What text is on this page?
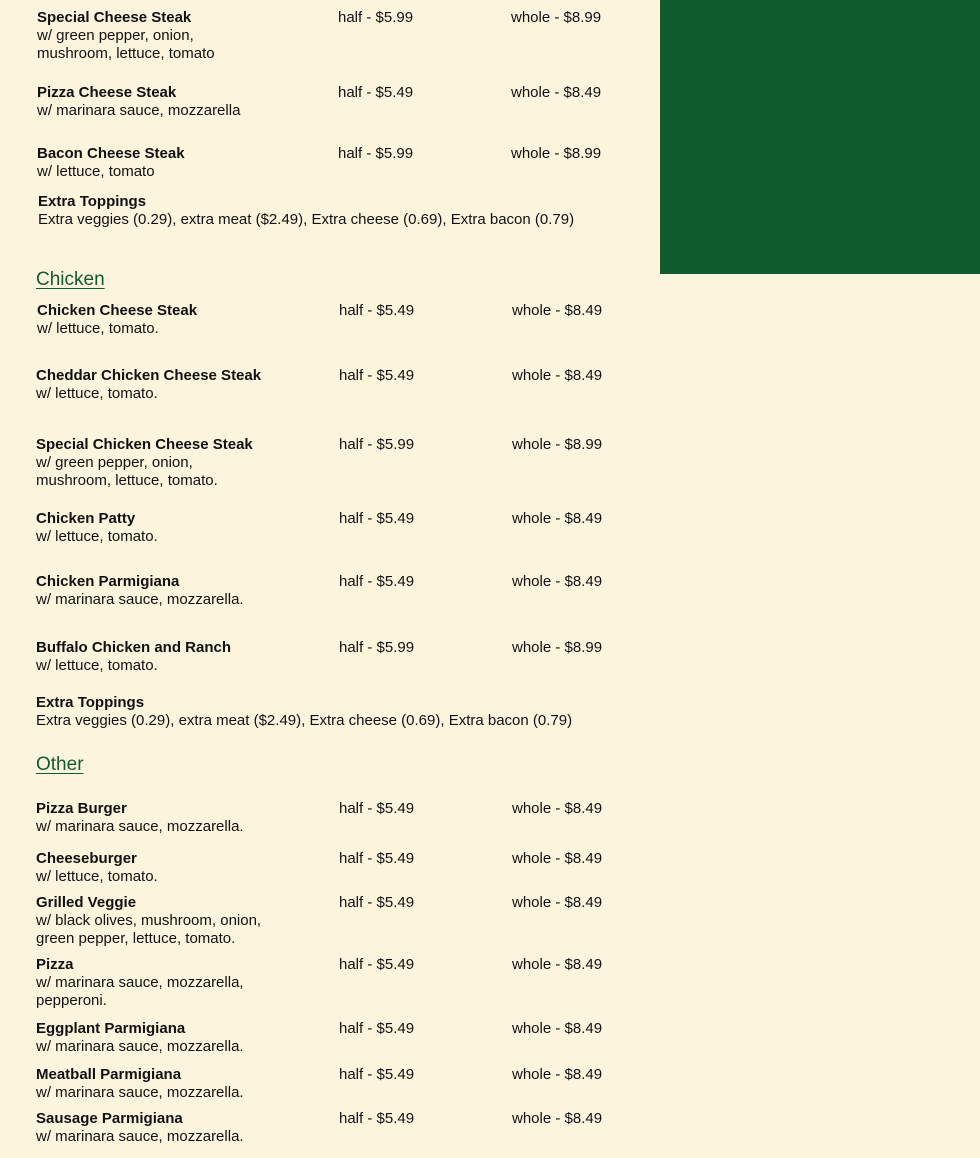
Special Cheese Steak
w/ green pepper, onion,
mushroom, lettuce, tomato
half - $5.99	whole - $8.99
Pizza Cheese Steak
w/ marinara sauce, mozzarella
half - $5.49	whole - $8.49
Bacon Cheese Steak
w/ lettuce, tomato
half - $5.99	whole - $8.99
Extra Toppings
Extra veggies (0.29), extra meat ($2.49), Extra cheese (0.69), Extra bacon (0.79)
Chicken
Chicken Cheese Steak
w/ lettuce, tomato.
half - $5.49	whole - $8.49
Cheddar Chicken Cheese Steak
w/ lettuce, tomato.
half - $5.49	whole - $8.49
Special Chicken Cheese Steak
w/ green pepper, onion,
mushroom, lettuce, tomato.
half - $5.99	whole - $8.99
Chicken Patty
w/ lettuce, tomato.
half - $5.49	whole - $8.49
Chicken Parmigiana
w/ marinara sauce, mozzarella.
half - $5.49	whole - $8.49
Buffalo Chicken and Ranch
w/ lettuce, tomato.
half - $5.99	whole - $8.99
Extra Toppings
Extra veggies (0.29), extra meat ($2.49), Extra cheese (0.69), Extra bacon (0.79)
Other
Pizza Burger
w/ marinara sauce, mozzarella.
half - $5.49	whole - $8.49
Cheeseburger
w/ lettuce, tomato.
half - $5.49	whole - $8.49
Grilled Veggie
w/ black olives, mushroom, onion,
green pepper, lettuce, tomato.
half - $5.49	whole - $8.49
Pizza
w/ marinara sauce, mozzarella,
pepperoni.
half - $5.49	whole - $8.49
Eggplant Parmigiana
w/ marinara sauce, mozzarella.
half - $5.49	whole - $8.49
Meatball Parmigiana
w/ marinara sauce, mozzarella.
half - $5.49	whole - $8.49
Sausage Parmigiana
w/ marinara sauce, mozzarella.
half - $5.49	whole - $8.49
